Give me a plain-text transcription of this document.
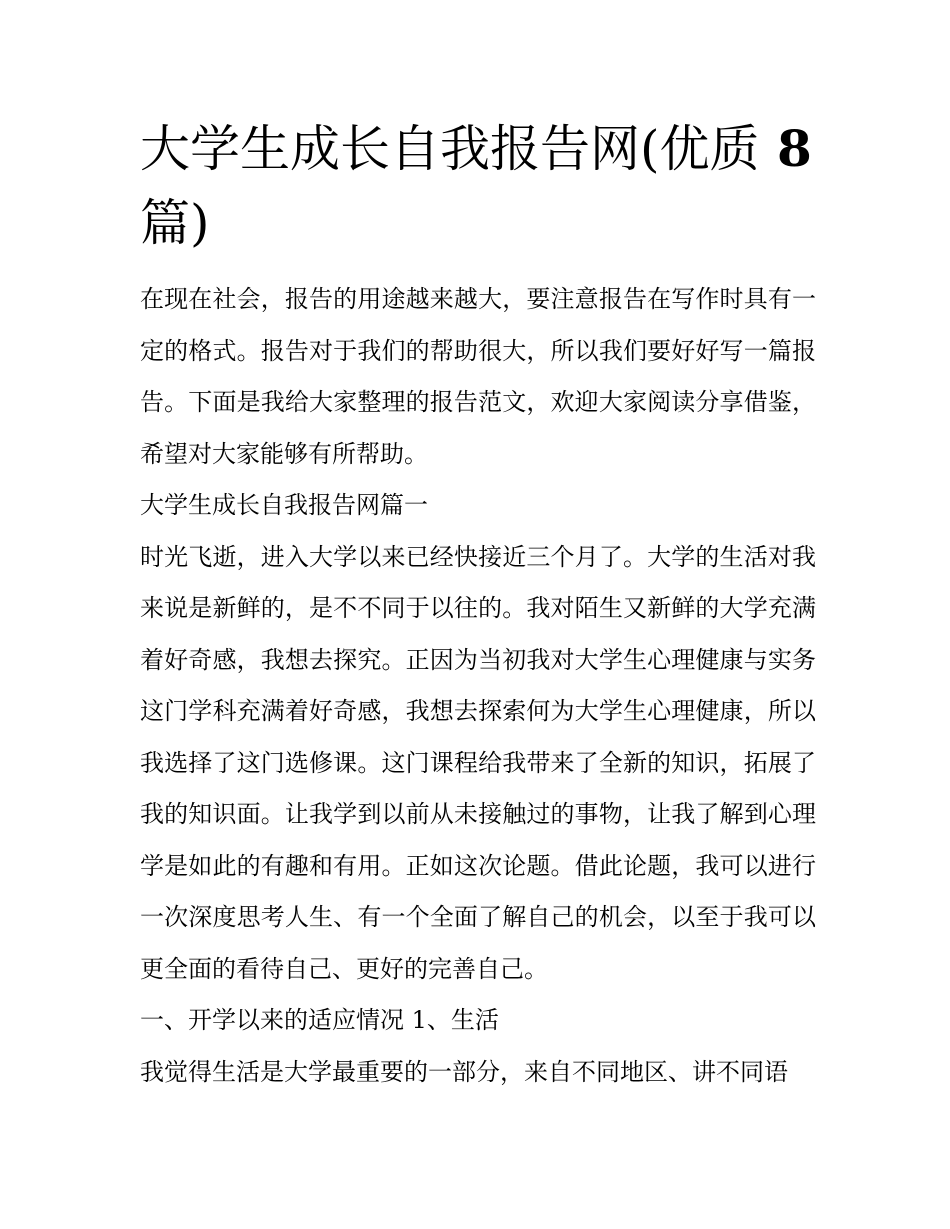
大学生成长自我报告网(优质 8
篇)

在现在社会，报告的用途越来越大，要注意报告在写作时具有一定的格式。报告对于我们的帮助很大，所以我们要好好写一篇报告。下面是我给大家整理的报告范文，欢迎大家阅读分享借鉴，希望对大家能够有所帮助。

大学生成长自我报告网篇一

时光飞逝，进入大学以来已经快接近三个月了。大学的生活对我来说是新鲜的，是不不同于以往的。我对陌生又新鲜的大学充满着好奇感，我想去探究。正因为当初我对大学生心理健康与实务这门学科充满着好奇感，我想去探索何为大学生心理健康，所以我选择了这门选修课。这门课程给我带来了全新的知识，拓展了我的知识面。让我学到以前从未接触过的事物，让我了解到心理学是如此的有趣和有用。正如这次论题。借此论题，我可以进行一次深度思考人生、有一个全面了解自己的机会，以至于我可以更全面的看待自己、更好的完善自己。

一、开学以来的适应情况 1、生活

我觉得生活是大学最重要的一部分，来自不同地区、讲不同语
